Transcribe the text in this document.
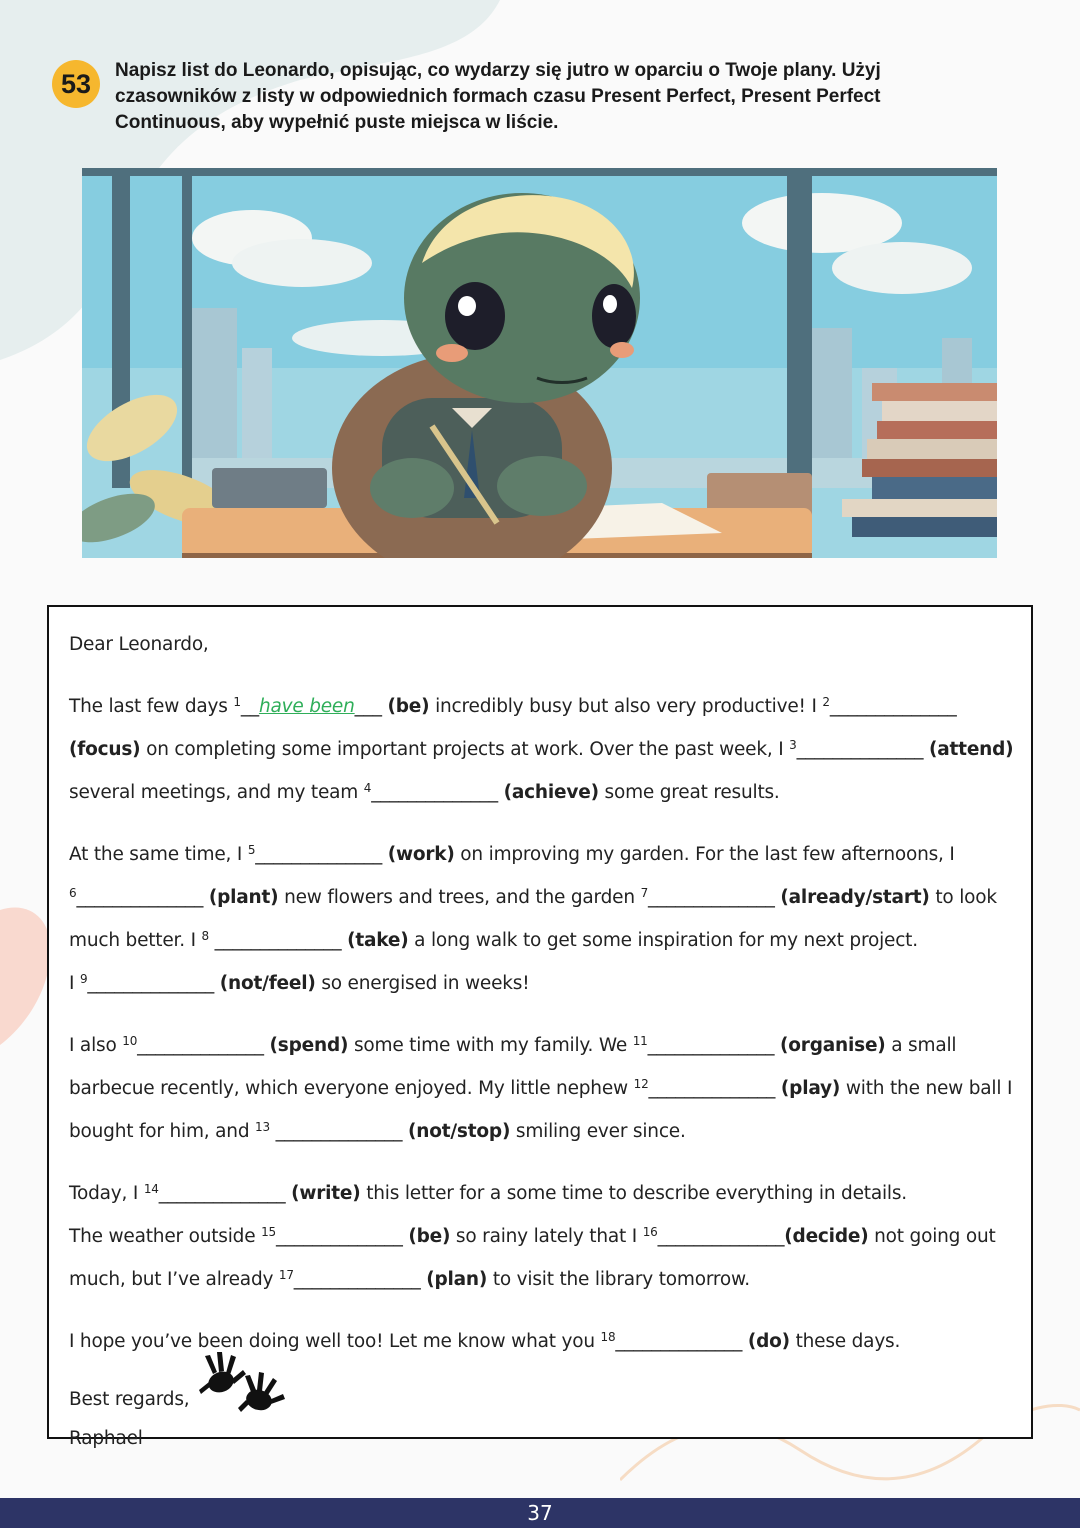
53	Napisz list do Leonardo, opisując, co wydarzy się jutro w oparciu o Twoje plany. Użyj czasowników z listy w odpowiednich formach czasu Present Perfect, Present Perfect Continuous, aby wypełnić puste miejsca w liście.

Dear Leonardo,

The last few days $^1$__have been___ (be) incredibly busy but also very productive! I $^2$______________ (focus) on completing some important projects at work. Over the past week, I $^3$______________ (attend) several meetings, and my team $^4$______________ (achieve) some great results.

At the same time, I $^5$______________ (work) on improving my garden. For the last few afternoons, I $^6$______________ (plant) new flowers and trees, and the garden $^7$______________ (already/start) to look much better. I $^8$ ______________ (take) a long walk to get some inspiration for my next project.
I $^9$______________ (not/feel) so energised in weeks!

I also $^{10}$______________ (spend) some time with my family. We $^{11}$______________ (organise) a small barbecue recently, which everyone enjoyed. My little nephew $^{12}$______________ (play) with the new ball I bought for him, and $^{13}$ ______________ (not/stop) smiling ever since.

Today, I $^{14}$______________ (write) this letter for a some time to describe everything in details.
The weather outside $^{15}$______________ (be) so rainy lately that I $^{16}$______________(decide) not going out much, but I’ve already $^{17}$______________ (plan) to visit the library tomorrow.

I hope you’ve been doing well too! Let me know what you $^{18}$______________ (do) these days.

Best regards,
Raphael

37
